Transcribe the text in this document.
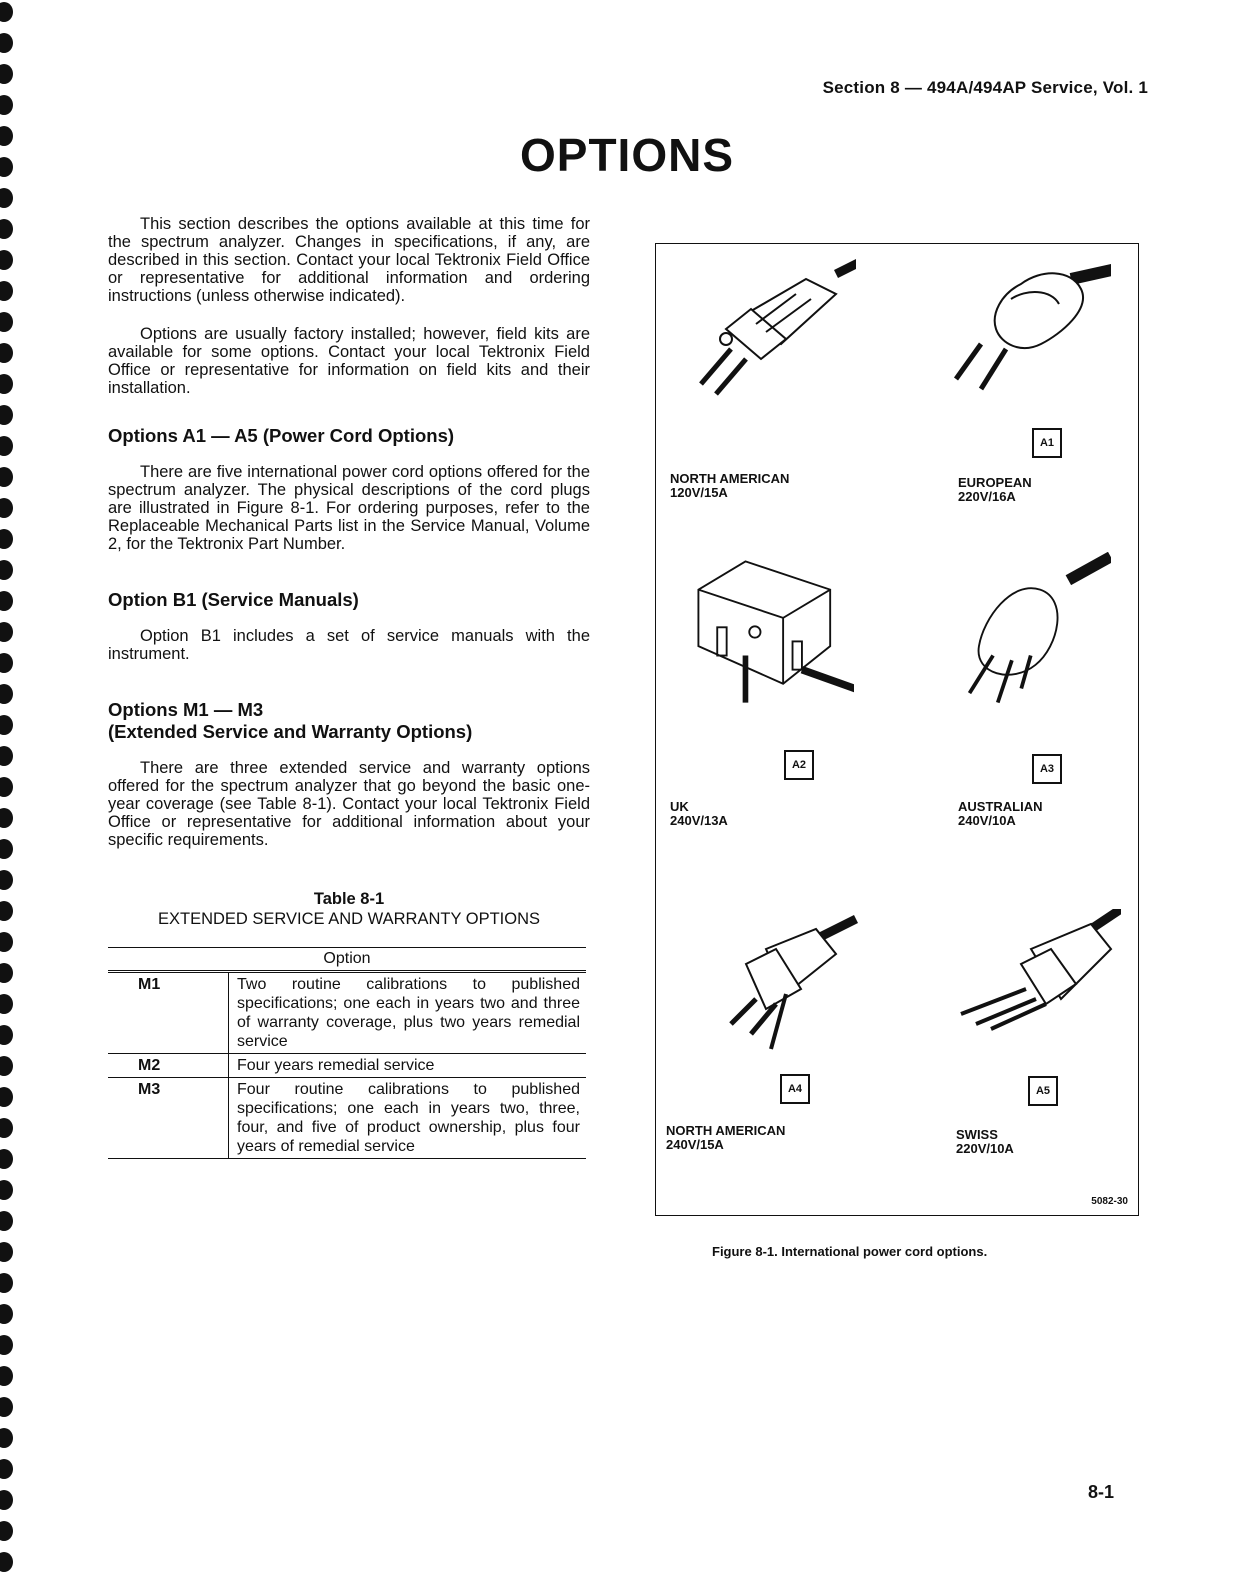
Section 8 — 494A/494AP Service, Vol. 1
OPTIONS

This section describes the options available at this time for the spectrum analyzer. Changes in specifications, if any, are described in this section. Contact your local Tektronix Field Office or representative for additional information and ordering instructions (unless otherwise indicated).

Options are usually factory installed; however, field kits are available for some options. Contact your local Tektronix Field Office or representative for information on field kits and their installation.

Options A1 — A5 (Power Cord Options)

There are five international power cord options offered for the spectrum analyzer. The physical descriptions of the cord plugs are illustrated in Figure 8-1. For ordering purposes, refer to the Replaceable Mechanical Parts list in the Service Manual, Volume 2, for the Tektronix Part Number.

Option B1 (Service Manuals)

Option B1 includes a set of service manuals with the instrument.

Options M1 — M3
(Extended Service and Warranty Options)

There are three extended service and warranty options offered for the spectrum analyzer that go beyond the basic one-year coverage (see Table 8-1). Contact your local Tektronix Field Office or representative for additional information about your specific requirements.

Table 8-1
EXTENDED SERVICE AND WARRANTY OPTIONS
Option	
M1	Two routine calibrations to published specifications; one each in years two and three of warranty coverage, plus two years remedial service
M2	Four years remedial service
M3	Four routine calibrations to published specifications; one each in years two, three, four, and five of product ownership, plus four years of remedial service
NORTH AMERICAN
120V/15A
A1
EUROPEAN
220V/16A
A2
UK
240V/13A
A3
AUSTRALIAN
240V/10A
A4
NORTH AMERICAN
240V/15A
A5
SWISS
220V/10A
5082-30
Figure 8-1. International power cord options.
8-1
